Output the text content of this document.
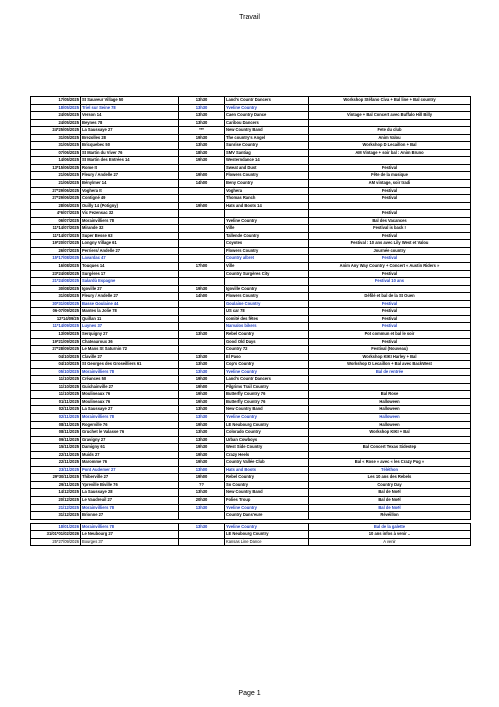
Travail
17/05/2025	St Sauveur Village 50	13h30	Land's Countr Dancers	Workshop Stéfano Civa + Bal line + Bal country
18/05/2025	Triel sur Seine 78	13h30	Yveline Country	
24/05/2025	Verson 14	13h30	Caen Country Dance	Vintage + Bal Concert avec Buffalo Hill Billy
24/05/2025	Beynes 78	13h30	Caribou Dancers	
24*25/05/2025	La Saussaye 27	***	New Country Band	Fete du club
31/05/2025	Brezolles 28	19h30	The country's Angel	Anim Valou
31/05/2025	Bricquebec 50	13h30	Sunrise Country	Workshop D Lecaillon + Bal
07/06/2025	St Martin du Viver 76	18h30	SMV Santiag	AM Vintage + soir bal : Anim Bruno
14/06/2025	St Martin des Entrées 14	19h30	Westerndance 14	
13*15/06/2025	Rome It		Sweat and Dust	Festival
21/06/2025	Fleury / Andelle 27	19h00	Flowers Country	Fête de la musique
21/06/2025	Bény/mer 14	14h00	Beny Country	AM vintage, soir tradi
27*29/06/2025	Voghera It		Voghera	Festival
27*29/06/2025	Contigné 49		Thomas Ranch	Festival
28/06/2025	Ouilly 14 (Potigny)	19h00	Hats and Boots 14	
4*6/07/2025	Vic Fezensac 32			Festival
06/07/2025	Morainvilliers 78		Yveline Country	Bal des Vacances
11*14/07/2025	Mirande 32		Ville	Festival is back !
11*14/07/2025	Super Besse 63		Tallende Country	Festival
19*20/07/2025	Longny Village 61		Coyotes	Festival : 10 ans avec Lily West et Valou
26/07/2025	Perriers/ Andelle 27		Flowers Country	Journée country
15*17/08/2025	Lavardac 47		Country albret	Festival
16/08/2025	Touques 14	17h00	Ville	Anim Any Way Country + Concert « Austin Riders »
23*24/08/2025	Surgères 17		Country Surgères City	Festival
21*24/08/2025	Salardù Espagne			Festival 10 ans
30/08/2025	Igoville 27	19h30	Igoville Country	
31/08/2025	Fleury / Andelle 27	14h00	Flowers Country	Défilé et bal de la St Ouen
30*31/08/2025	Basse Goulaine 44		Goulaine Country	Festival
06-07/09/2025	Mantes la Jolie 78		US car 78	Festival
12*14/09/25	Quillan 11		comité des fêtes	Festival
11*14/09/2025	Luynes 37		Narvalos bikers	Festival
13/09/2025	Serquigny 27	13h30	Rebel Country	Pot commun et bal le soir
19*21/09/2025	Chateauroux 36		Good Old Days	Festival
27*28/09/2025	Le Mans St Saturnin 72		Country 72	Festival (Nouveau)
04/10/2025	Claville 27	13h30	El Paso	Workshop KIKI Harley + Bal
04/10/2025	St Georges des Groseilliers 61	13h30	Cop's Country	Workshop D Lecaillon + Bal avec BackWest
05/10/2025	Morainvilliers 78	13h30	Yveline Country	Bal de rentrée
11/10/2025	Créances 50	19h30	Land's Countr Dancers	
11/10/2025	Guichainville 27	19h00	Pilgrims Trail Country	
11/10/2025	Moulineaux 76	19h30	Butterfly Country 76	Bal Rose
01/11/2025	Moulineaux 76	19h30	Butterfly Country 76	Halloween
02/11/2025	La Saussaye 27	13h30	New Country Band	Halloween
02/11/2025	Morainvilliers 78	13h30	Yveline Country	Halloween
08/11/2025	Rogerville 76	19h30	LE Neubourg Country	Halloween
08/11/2025	Gruchet le Valasse 76	13h30	Colorado Country	Workshop KIKI + Bal
09/11/2025	Gravigny 27	13h30	Urban Cowboys	
15/11/2025	Damigny 61	19h30	West Side Country	Bal Concert Texas Sidestep
22/11/2025	Muids 27	19h30	Crazy Heels	
22/11/2025	Marommе 76	19h30	Country Vallée Club	Bal « Rose » avec « les Crazy Pug »
23/11/2025	Pont Audemer 27	13h00	Hats and Boots	Téléthon
29*30/11/2025	Thiberville 27	19h00	Rebel Country	Les 10 ans des Rebels
29/11/2025	Ypreville Biville 76	??	So Country	Country Day
14/12/2025	La Saussaye 28	13h30	New Country Band	Bal de Noël
20/12/2025	Le Vaudreuil 27	20h30	Folies Troup	Bal de Noël
21/12/2025	Morainvilliers 78	13h30	Yveline Country	Bal de Noël
31/12/2025	Brionne 27		Country Dans'eure	Révéillon

18/01/2026	Morainvilliers 78	13h30	Yveline Country	Bal de la galette
31/01*01/02/2026	Le Neubourg 27		LE Neubourg Country	10 ans infos à venir ..
25*27/09/2026	Bourges 37		Kansas Line Dance	A venir
Page 1
